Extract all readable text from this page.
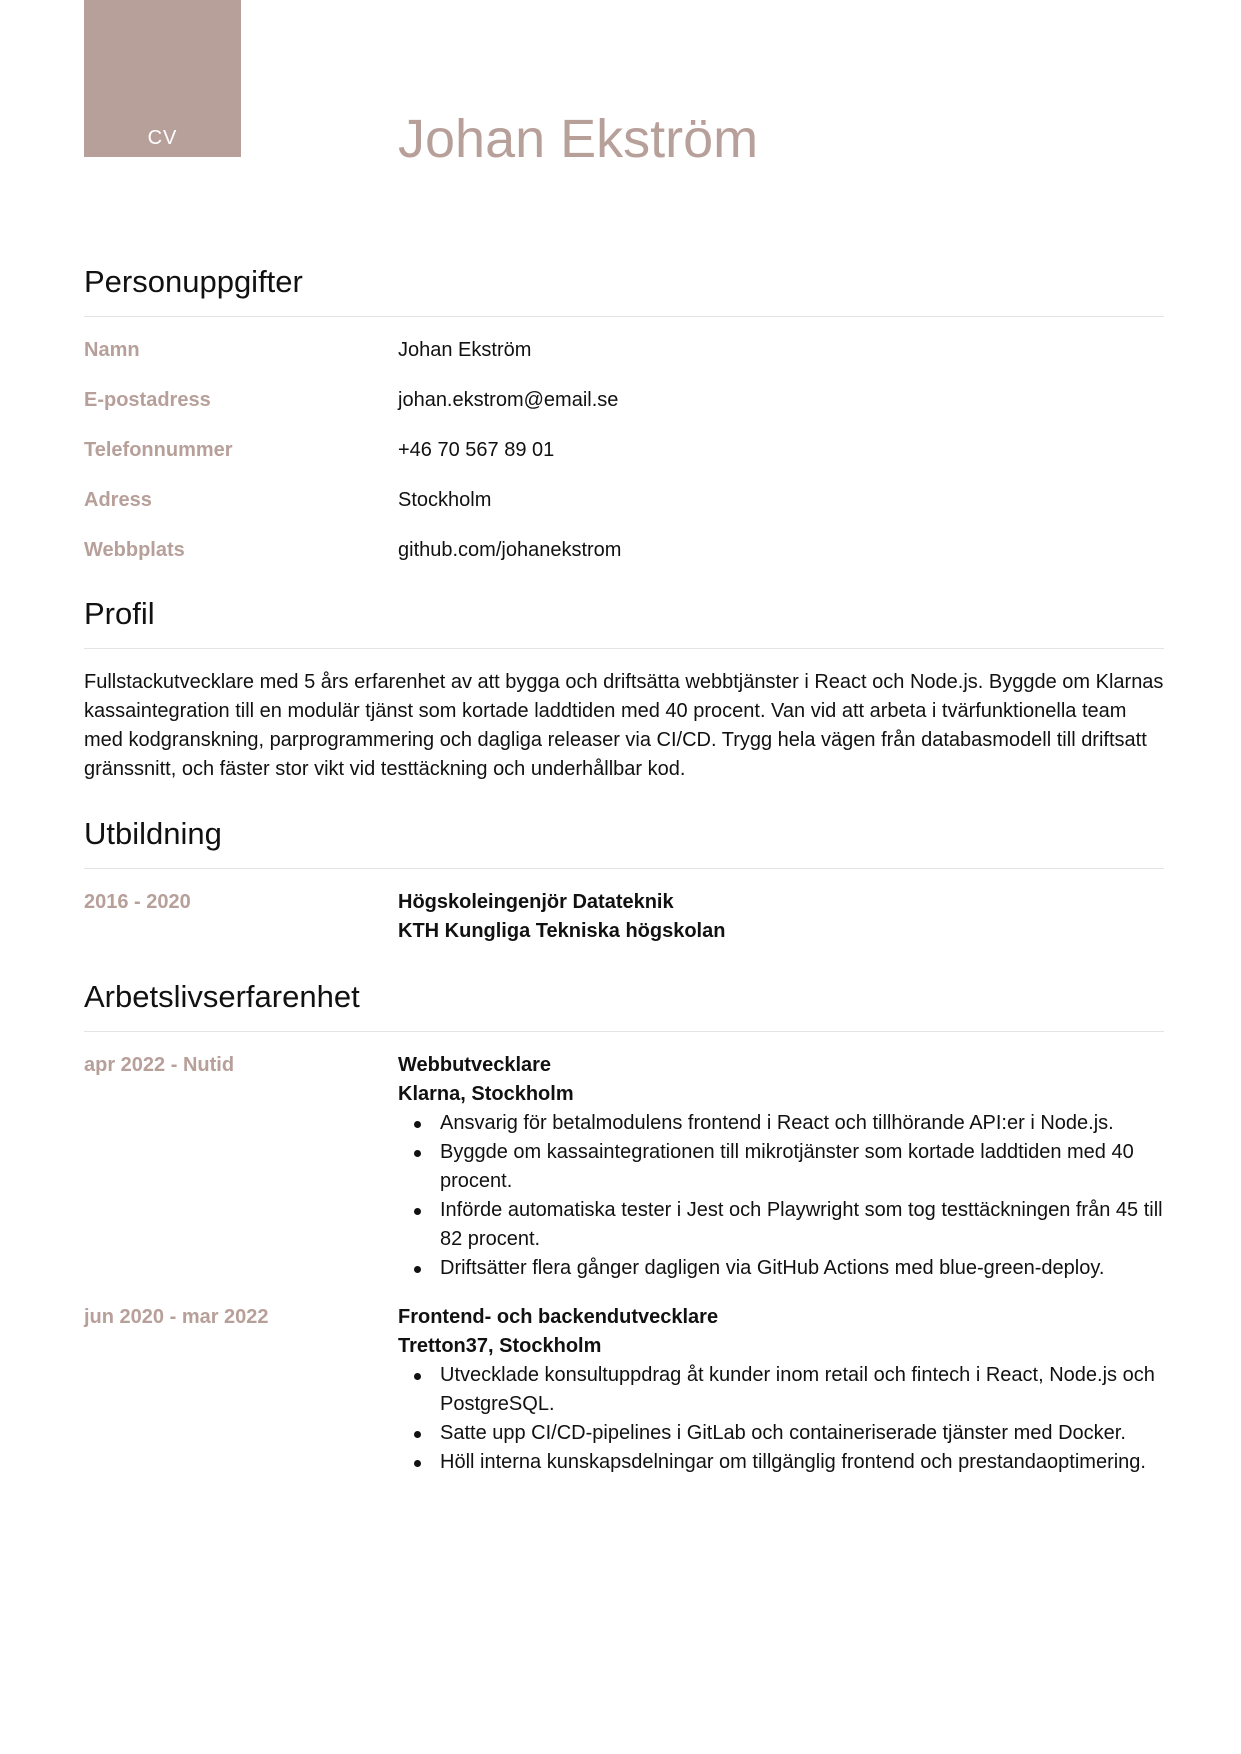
CV	Johan Ekström
Personuppgifter
Namn	Johan Ekström
E-postadress	johan.ekstrom@email.se
Telefonnummer	+46 70 567 89 01
Adress	Stockholm
Webbplats	github.com/johanekstrom
Profil

Fullstackutvecklare med 5 års erfarenhet av att bygga och driftsätta webbtjänster i React och Node.js. Byggde om Klarnas kassaintegration till en modulär tjänst som kortade laddtiden med 40 procent. Van vid att arbeta i tvärfunktionella team med kodgranskning, parprogrammering och dagliga releaser via CI/CD. Trygg hela vägen från databasmodell till driftsatt gränssnitt, och fäster stor vikt vid testtäckning och underhållbar kod.

Utbildning
2016 - 2020	Högskoleingenjör Datateknik
KTH Kungliga Tekniska högskolan
Arbetslivserfarenhet
apr 2022 - Nutid	Webbutvecklare
Klarna, Stockholm
Ansvarig för betalmodulens frontend i React och tillhörande API:er i Node.js.
Byggde om kassaintegrationen till mikrotjänster som kortade laddtiden med 40 procent.
Införde automatiska tester i Jest och Playwright som tog testtäckningen från 45 till 82 procent.
Driftsätter flera gånger dagligen via GitHub Actions med blue-green-deploy.
jun 2020 - mar 2022	Frontend- och backendutvecklare
Tretton37, Stockholm
Utvecklade konsultuppdrag åt kunder inom retail och fintech i React, Node.js och PostgreSQL.
Satte upp CI/CD-pipelines i GitLab och containeriserade tjänster med Docker.
Höll interna kunskapsdelningar om tillgänglig frontend och prestandaoptimering.
